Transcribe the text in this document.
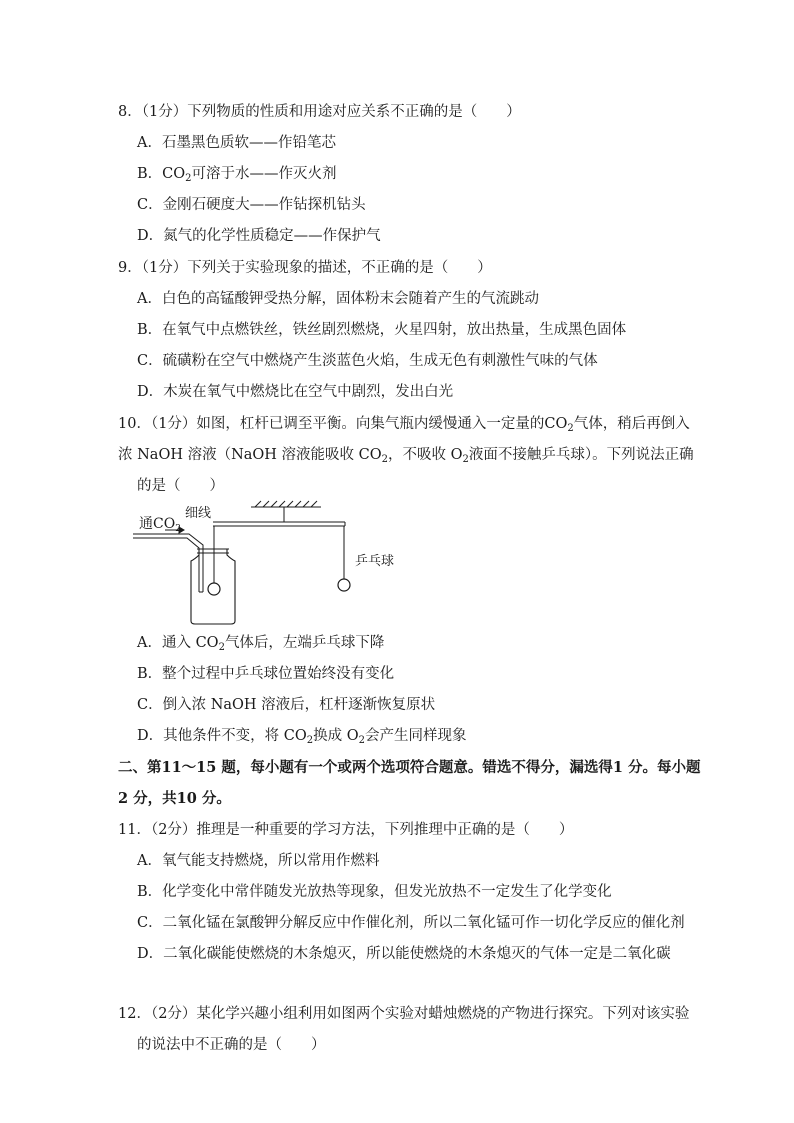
8．（1分）下列物质的性质和用途对应关系不正确的是（　　）
A．石墨黑色质软——作铅笔芯
B．$CO_2$可溶于水——作灭火剂
C．金刚石硬度大——作钻探机钻头
D．氮气的化学性质稳定——作保护气
9．（1分）下列关于实验现象的描述，不正确的是（　　）
A．白色的高锰酸钾受热分解，固体粉末会随着产生的气流跳动
B．在氧气中点燃铁丝，铁丝剧烈燃烧，火星四射，放出热量，生成黑色固体
C．硫磺粉在空气中燃烧产生淡蓝色火焰，生成无色有刺激性气味的气体
D．木炭在氧气中燃烧比在空气中剧烈，发出白光
10．（1分）如图，杠杆已调至平衡。向集气瓶内缓慢通入一定量的$CO_2$气体，稍后再倒入
浓 NaOH 溶液（NaOH 溶液能吸收 $CO_2$，不吸收 $O_2$液面不接触乒乓球）。下列说法正确
的是（　　）
通$CO_2$
细线
乒乓球
A．通入 $CO_2$气体后，左端乒乓球下降
B．整个过程中乒乓球位置始终没有变化
C．倒入浓 NaOH 溶液后，杠杆逐渐恢复原状
D．其他条件不变，将 $CO_2$换成 $O_2$会产生同样现象
二、第11～15 题，每小题有一个或两个选项符合题意。错选不得分，漏选得1 分。每小题
2 分，共10 分。
11．（2分）推理是一种重要的学习方法，下列推理中正确的是（　　）
A．氧气能支持燃烧，所以常用作燃料
B．化学变化中常伴随发光放热等现象，但发光放热不一定发生了化学变化
C．二氧化锰在氯酸钾分解反应中作催化剂，所以二氧化锰可作一切化学反应的催化剂
D．二氧化碳能使燃烧的木条熄灭，所以能使燃烧的木条熄灭的气体一定是二氧化碳
12．（2分）某化学兴趣小组利用如图两个实验对蜡烛燃烧的产物进行探究。下列对该实验
的说法中不正确的是（　　）
